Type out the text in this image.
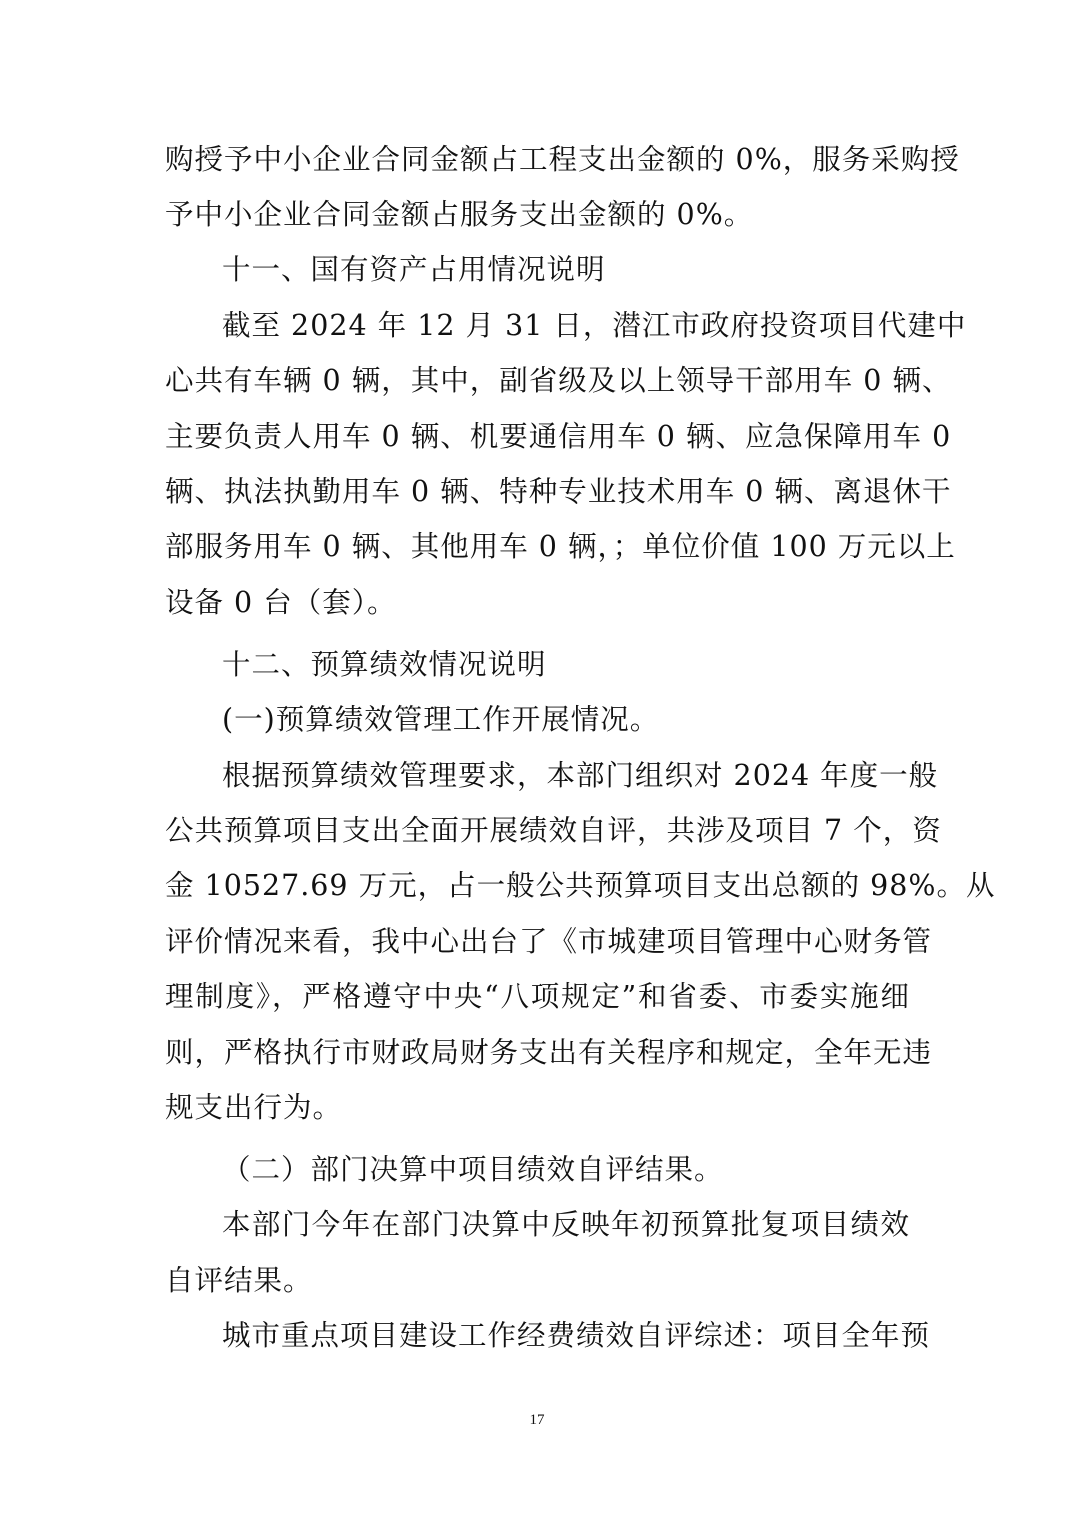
购授予中小企业合同金额占工程支出金额的 0%，服务采购授
予中小企业合同金额占服务支出金额的 0%。
十一、国有资产占用情况说明
截至 2024 年 12 月 31 日，潜江市政府投资项目代建中
心共有车辆 0 辆，其中，副省级及以上领导干部用车 0 辆、
主要负责人用车 0 辆、机要通信用车 0 辆、应急保障用车 0
辆、执法执勤用车 0 辆、特种专业技术用车 0 辆、离退休干
部服务用车 0 辆、其他用车 0 辆，；单位价值 100 万元以上
设备 0 台（套）。
十二、预算绩效情况说明
(一)预算绩效管理工作开展情况。
根据预算绩效管理要求，本部门组织对 2024 年度一般
公共预算项目支出全面开展绩效自评，共涉及项目 7 个，资
金 10527.69 万元，占一般公共预算项目支出总额的 98%。从
评价情况来看，我中心出台了《市城建项目管理中心财务管
理制度》，严格遵守中央“八项规定”和省委、市委实施细
则，严格执行市财政局财务支出有关程序和规定，全年无违
规支出行为。
（二）部门决算中项目绩效自评结果。
本部门今年在部门决算中反映年初预算批复项目绩效
自评结果。
城市重点项目建设工作经费绩效自评综述：项目全年预
17
